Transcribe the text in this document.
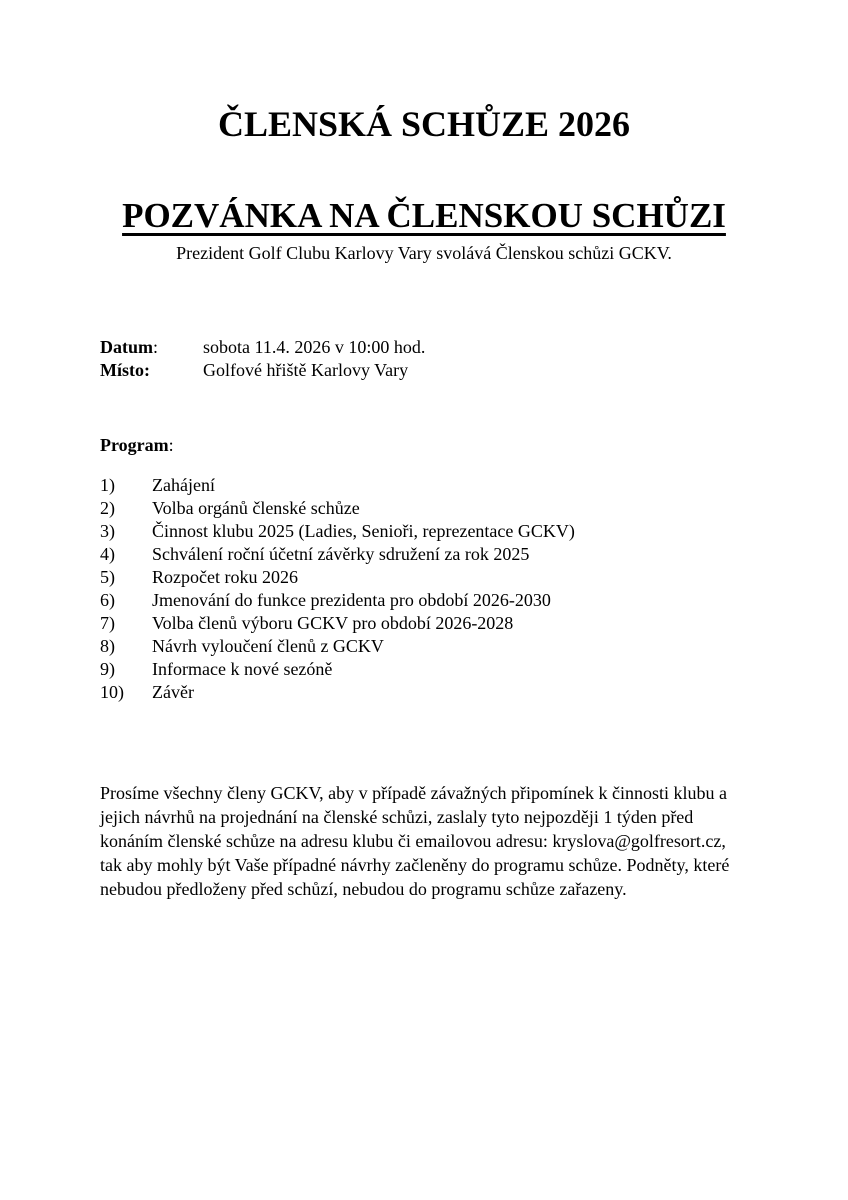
ČLENSKÁ SCHŮZE 2026
POZVÁNKA NA ČLENSKOU SCHŮZI

Prezident Golf Clubu Karlovy Vary svolává Členskou schůzi GCKV.

Datum: sobota 11.4. 2026 v 10:00 hod.
Místo:	Golfové hřiště Karlovy Vary

Program:

1) Zahájení
2) Volba orgánů členské schůze
3) Činnost klubu 2025 (Ladies, Senioři, reprezentace GCKV)
4) Schválení roční účetní závěrky sdružení za rok 2025
5) Rozpočet roku 2026
6) Jmenování do funkce prezidenta pro období 2026-2030
7) Volba členů výboru GCKV pro období 2026-2028
8) Návrh vyloučení členů z GCKV
9) Informace k nové sezóně
10) Závěr

Prosíme všechny členy GCKV, aby v případě závažných připomínek k činnosti klubu a jejich návrhů na projednání na členské schůzi, zaslaly tyto nejpozději 1 týden před konáním členské schůze na adresu klubu či emailovou adresu: kryslova@golfresort.cz, tak aby mohly být Vaše případné návrhy začleněny do programu schůze. Podněty, které nebudou předloženy před schůzí, nebudou do programu schůze zařazeny.
